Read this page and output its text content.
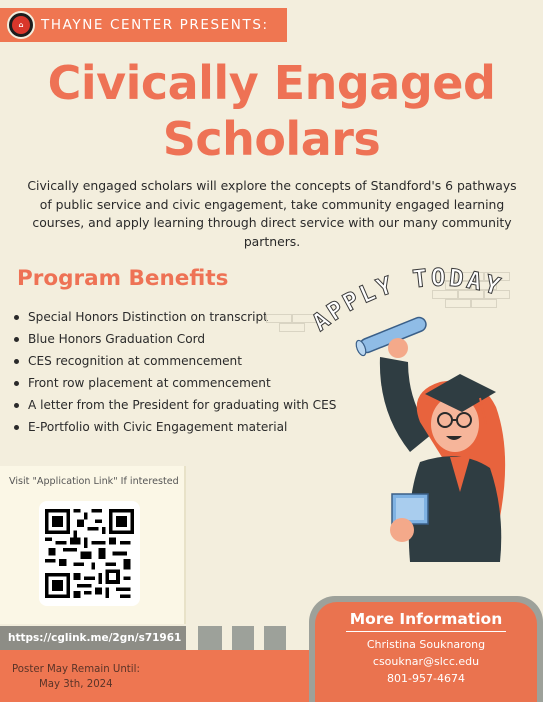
⌂	THAYNE CENTER PRESENTS:
Civically Engaged
Scholars
Civically engaged scholars will explore the concepts of Standford's 6 pathways of public service and civic engagement, take community engaged learning courses, and apply learning through direct service with our many community partners.
Program Benefits
Special Honors Distinction on transcript
Blue Honors Graduation Cord
CES recognition at commencement
Front row placement at commencement
A letter from the President for graduating with CES
E-Portfolio with Civic Engagement material
APPLY TODAY
Visit "Application Link" If interested
https://cglink.me/2gn/s71961
Poster May Remain Until:
May 3th, 2024
More Information
Christina Souknarong
csouknar@slcc.edu
801-957-4674
